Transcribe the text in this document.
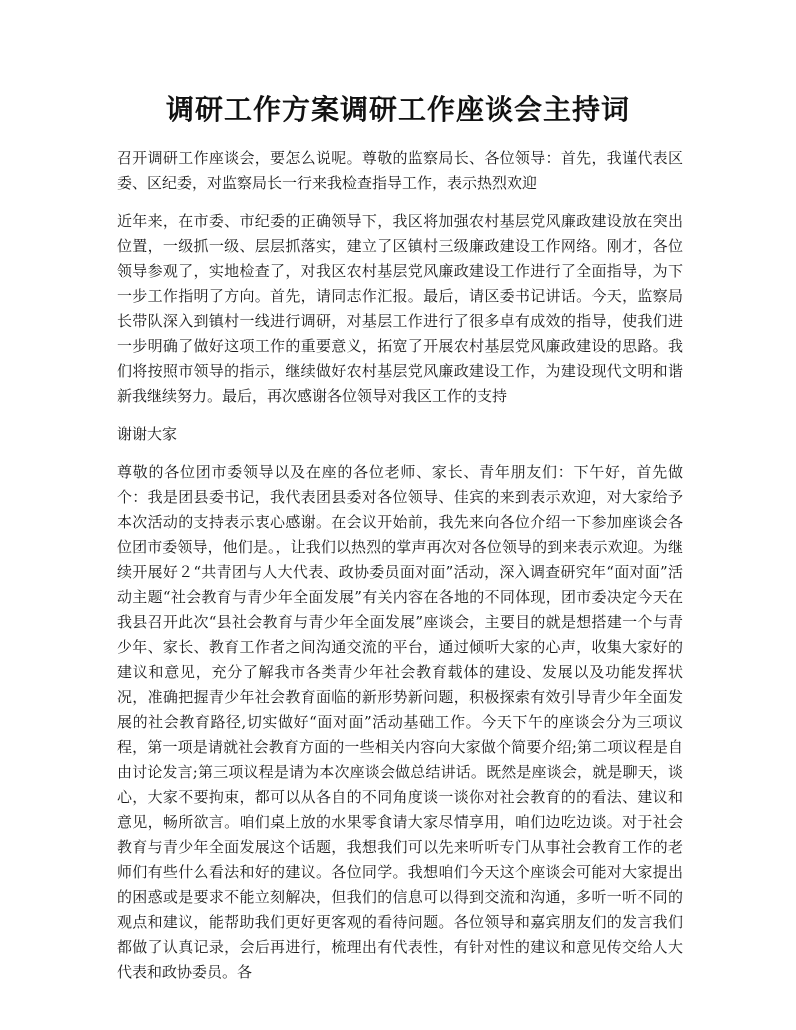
调研工作方案调研工作座谈会主持词

召开调研工作座谈会，要怎么说呢。尊敬的监察局长、各位领导：首先，我谨代表区委、区纪委，对监察局长一行来我检查指导工作，表示热烈欢迎

近年来，在市委、市纪委的正确领导下，我区将加强农村基层党风廉政建设放在突出位置，一级抓一级、层层抓落实，建立了区镇村三级廉政建设工作网络。刚才，各位领导参观了，实地检查了，对我区农村基层党风廉政建设工作进行了全面指导，为下一步工作指明了方向。首先，请同志作汇报。最后，请区委书记讲话。今天，监察局长带队深入到镇村一线进行调研，对基层工作进行了很多卓有成效的指导，使我们进一步明确了做好这项工作的重要意义，拓宽了开展农村基层党风廉政建设的思路。我们将按照市领导的指示，继续做好农村基层党风廉政建设工作，为建设现代文明和谐新我继续努力。最后，再次感谢各位领导对我区工作的支持

谢谢大家

尊敬的各位团市委领导以及在座的各位老师、家长、青年朋友们：下午好，首先做个：我是团县委书记，我代表团县委对各位领导、佳宾的来到表示欢迎，对大家给予本次活动的支持表示衷心感谢。在会议开始前，我先来向各位介绍一下参加座谈会各位团市委领导，他们是。，让我们以热烈的掌声再次对各位领导的到来表示欢迎。为继续开展好２“共青团与人大代表、政协委员面对面”活动，深入调查研究年“面对面”活动主题“社会教育与青少年全面发展”有关内容在各地的不同体现，团市委决定今天在我县召开此次“县社会教育与青少年全面发展”座谈会，主要目的就是想搭建一个与青少年、家长、教育工作者之间沟通交流的平台，通过倾听大家的心声，收集大家好的建议和意见，充分了解我市各类青少年社会教育载体的建设、发展以及功能发挥状况，准确把握青少年社会教育面临的新形势新问题，积极探索有效引导青少年全面发展的社会教育路径,切实做好“面对面”活动基础工作。今天下午的座谈会分为三项议程，第一项是请就社会教育方面的一些相关内容向大家做个简要介绍;第二项议程是自由讨论发言;第三项议程是请为本次座谈会做总结讲话。既然是座谈会，就是聊天，谈心，大家不要拘束，都可以从各自的不同角度谈一谈你对社会教育的的看法、建议和意见，畅所欲言。咱们桌上放的水果零食请大家尽情享用，咱们边吃边谈。对于社会教育与青少年全面发展这个话题，我想我们可以先来听听专门从事社会教育工作的老师们有些什么看法和好的建议。各位同学。我想咱们今天这个座谈会可能对大家提出的困惑或是要求不能立刻解决，但我们的信息可以得到交流和沟通，多听一听不同的观点和建议，能帮助我们更好更客观的看待问题。各位领导和嘉宾朋友们的发言我们都做了认真记录，会后再进行，梳理出有代表性，有针对性的建议和意见传交给人大代表和政协委员。各
